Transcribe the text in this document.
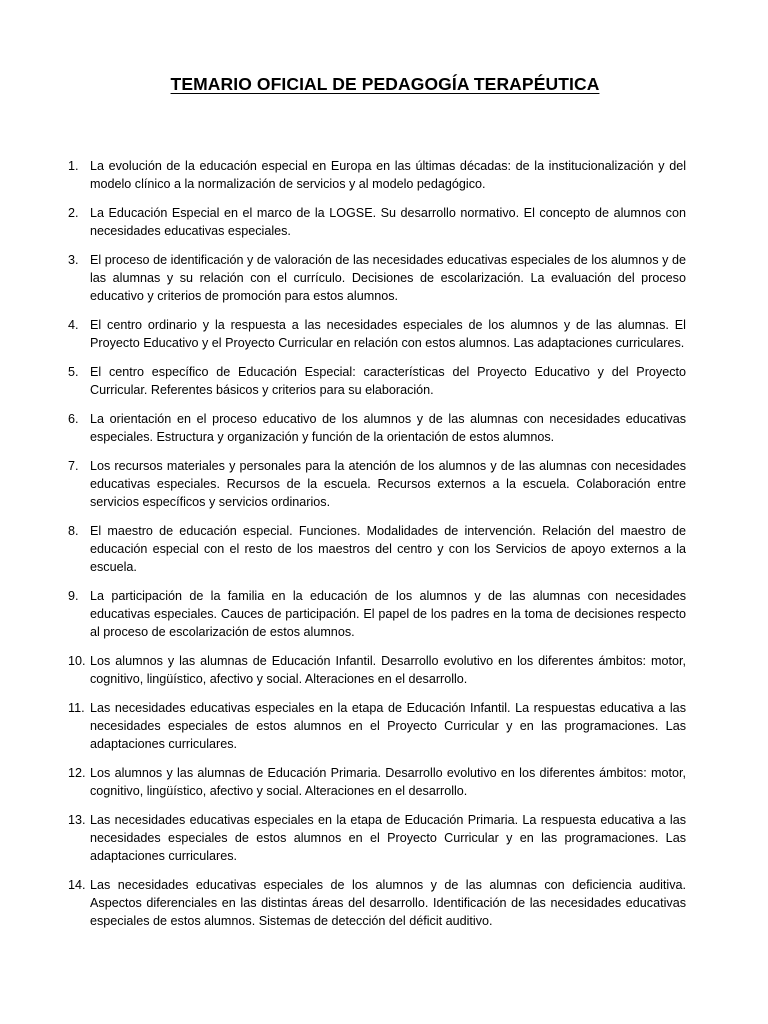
TEMARIO OFICIAL DE PEDAGOGÍA TERAPÉUTICA
1. La evolución de la educación especial en Europa en las últimas décadas: de la institucionalización y del modelo clínico a la normalización de servicios y al modelo pedagógico.
2. La Educación Especial en el marco de la LOGSE. Su desarrollo normativo. El concepto de alumnos con necesidades educativas especiales.
3. El proceso de identificación y de valoración de las necesidades educativas especiales de los alumnos y de las alumnas y su relación con el currículo. Decisiones de escolarización. La evaluación del proceso educativo y criterios de promoción para estos alumnos.
4. El centro ordinario y la respuesta a las necesidades especiales de los alumnos y de las alumnas. El Proyecto Educativo y el Proyecto Curricular en relación con estos alumnos. Las adaptaciones curriculares.
5. El centro específico de Educación Especial: características del Proyecto Educativo y del Proyecto Curricular. Referentes básicos y criterios para su elaboración.
6. La orientación en el proceso educativo de los alumnos y de las alumnas con necesidades educativas especiales. Estructura y organización y función de la orientación de estos alumnos.
7. Los recursos materiales y personales para la atención de los alumnos y de las alumnas con necesidades educativas especiales. Recursos de la escuela. Recursos externos a la escuela. Colaboración entre servicios específicos y servicios ordinarios.
8. El maestro de educación especial. Funciones. Modalidades de intervención. Relación del maestro de educación especial con el resto de los maestros del centro y con los Servicios de apoyo externos a la escuela.
9. La participación de la familia en la educación de los alumnos y de las alumnas con necesidades educativas especiales. Cauces de participación. El papel de los padres en la toma de decisiones respecto al proceso de escolarización de estos alumnos.
10. Los alumnos y las alumnas de Educación Infantil. Desarrollo evolutivo en los diferentes ámbitos: motor, cognitivo, lingüístico, afectivo y social. Alteraciones en el desarrollo.
11. Las necesidades educativas especiales en la etapa de Educación Infantil. La respuestas educativa a las necesidades especiales de estos alumnos en el Proyecto Curricular y en las programaciones. Las adaptaciones curriculares.
12. Los alumnos y las alumnas de Educación Primaria. Desarrollo evolutivo en los diferentes ámbitos: motor, cognitivo, lingüístico, afectivo y social. Alteraciones en el desarrollo.
13. Las necesidades educativas especiales en la etapa de Educación Primaria. La respuesta educativa a las necesidades especiales de estos alumnos en el Proyecto Curricular y en las programaciones. Las adaptaciones curriculares.
14. Las necesidades educativas especiales de los alumnos y de las alumnas con deficiencia auditiva. Aspectos diferenciales en las distintas áreas del desarrollo. Identificación de las necesidades educativas especiales de estos alumnos. Sistemas de detección del déficit auditivo.
